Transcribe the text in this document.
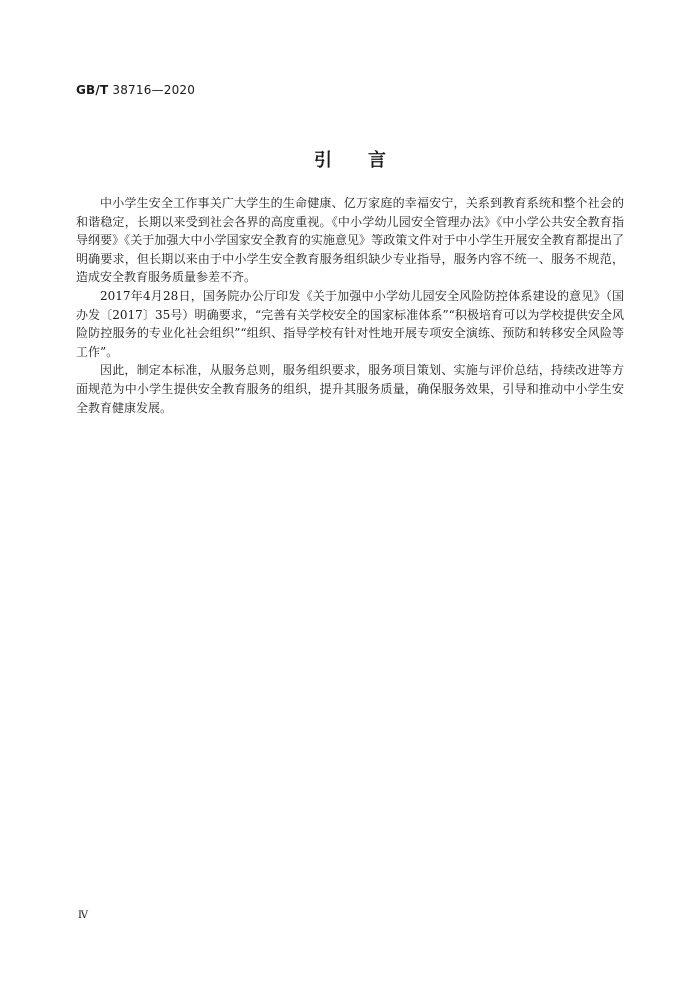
GB/T 38716—2020
引言

中小学生安全工作事关广大学生的生命健康、亿万家庭的幸福安宁，关系到教育系统和整个社会的和谐稳定，长期以来受到社会各界的高度重视。《中小学幼儿园安全管理办法》《中小学公共安全教育指导纲要》《关于加强大中小学国家安全教育的实施意见》等政策文件对于中小学生开展安全教育都提出了明确要求，但长期以来由于中小学生安全教育服务组织缺少专业指导，服务内容不统一、服务不规范，造成安全教育服务质量参差不齐。

2017年4月28日，国务院办公厅印发《关于加强中小学幼儿园安全风险防控体系建设的意见》（国办发〔2017〕35号）明确要求，“完善有关学校安全的国家标准体系”“积极培育可以为学校提供安全风险防控服务的专业化社会组织”“组织、指导学校有针对性地开展专项安全演练、预防和转移安全风险等工作”。

因此，制定本标准，从服务总则，服务组织要求，服务项目策划、实施与评价总结，持续改进等方面规范为中小学生提供安全教育服务的组织，提升其服务质量，确保服务效果，引导和推动中小学生安全教育健康发展。

Ⅳ
